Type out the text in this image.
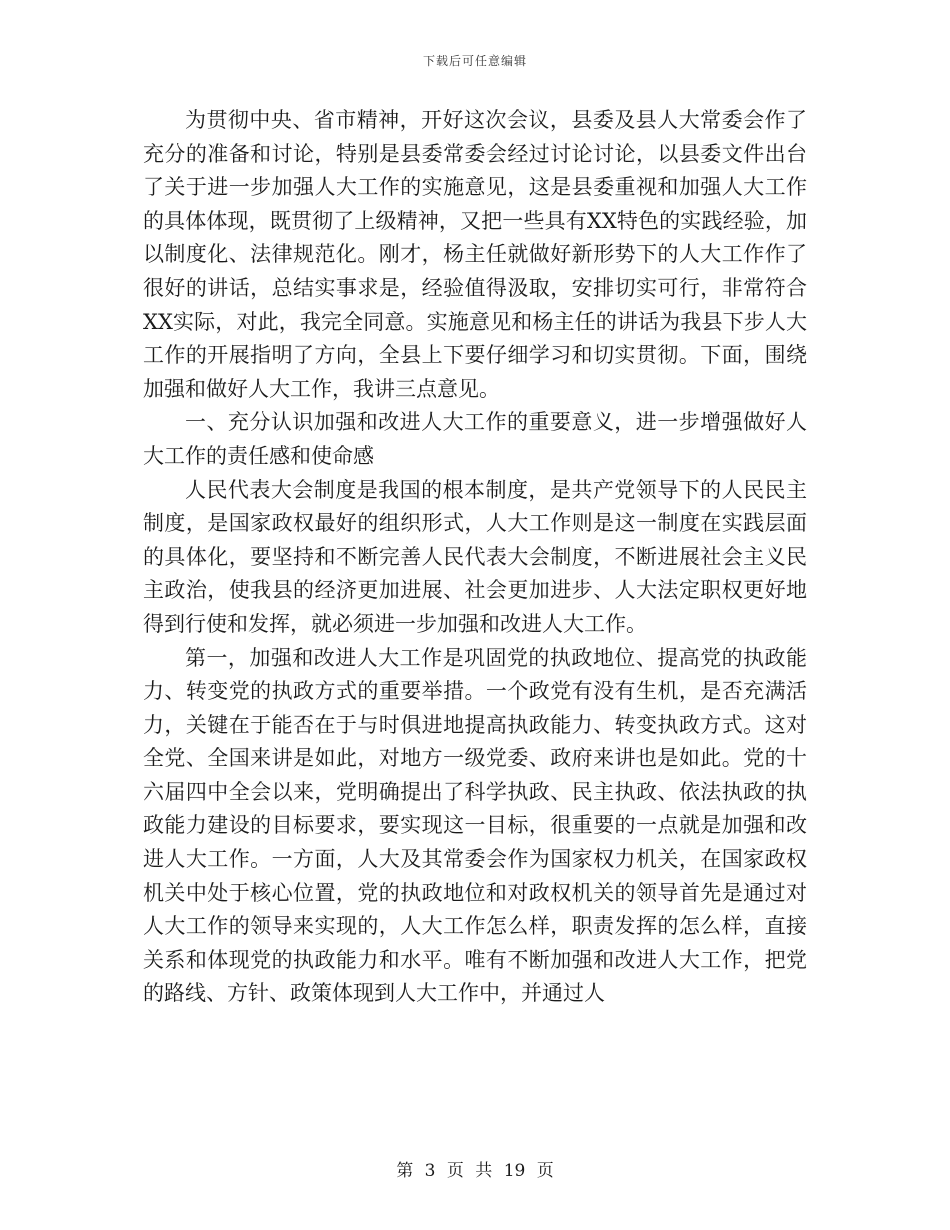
下载后可任意编辑

为贯彻中央、省市精神，开好这次会议，县委及县人大常委会作了充分的准备和讨论，特别是县委常委会经过讨论讨论，以县委文件出台了关于进一步加强人大工作的实施意见，这是县委重视和加强人大工作的具体体现，既贯彻了上级精神，又把一些具有XX特色的实践经验，加以制度化、法律规范化。刚才，杨主任就做好新形势下的人大工作作了很好的讲话，总结实事求是，经验值得汲取，安排切实可行，非常符合XX实际，对此，我完全同意。实施意见和杨主任的讲话为我县下步人大工作的开展指明了方向，全县上下要仔细学习和切实贯彻。下面，围绕加强和做好人大工作，我讲三点意见。

一、充分认识加强和改进人大工作的重要意义，进一步增强做好人大工作的责任感和使命感

人民代表大会制度是我国的根本制度，是共产党领导下的人民民主制度，是国家政权最好的组织形式，人大工作则是这一制度在实践层面的具体化，要坚持和不断完善人民代表大会制度，不断进展社会主义民主政治，使我县的经济更加进展、社会更加进步、人大法定职权更好地得到行使和发挥，就必须进一步加强和改进人大工作。

第一，加强和改进人大工作是巩固党的执政地位、提高党的执政能力、转变党的执政方式的重要举措。一个政党有没有生机，是否充满活力，关键在于能否在于与时俱进地提高执政能力、转变执政方式。这对全党、全国来讲是如此，对地方一级党委、政府来讲也是如此。党的十六届四中全会以来，党明确提出了科学执政、民主执政、依法执政的执政能力建设的目标要求，要实现这一目标，很重要的一点就是加强和改进人大工作。一方面，人大及其常委会作为国家权力机关，在国家政权机关中处于核心位置，党的执政地位和对政权机关的领导首先是通过对人大工作的领导来实现的，人大工作怎么样，职责发挥的怎么样，直接关系和体现党的执政能力和水平。唯有不断加强和改进人大工作，把党的路线、方针、政策体现到人大工作中，并通过人

第 3 页 共 19 页
